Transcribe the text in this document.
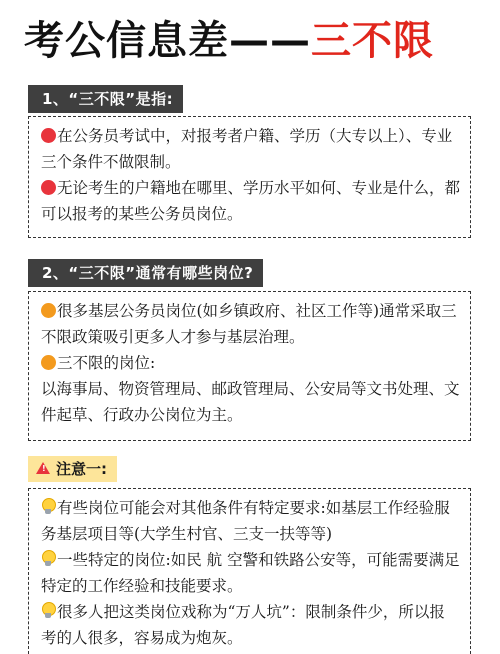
考公信息差——三不限
1、“三不限”是指:
在公务员考试中，对报考者户籍、学历（大专以上）、专业三个条件不做限制。
无论考生的户籍地在哪里、学历水平如何、专业是什么，都可以报考的某些公务员岗位。
2、“三不限”通常有哪些岗位?
很多基层公务员岗位(如乡镇政府、社区工作等)通常采取三不限政策吸引更多人才参与基层治理。
三不限的岗位:
以海事局、物资管理局、邮政管理局、公安局等文书处理、文件起草、行政办公岗位为主。
! 注意一:
有些岗位可能会对其他条件有特定要求:如基层工作经验服务基层项目等(大学生村官、三支一扶等等)
一些特定的岗位:如民 航 空警和铁路公安等，可能需要满足特定的工作经验和技能要求。
很多人把这类岗位戏称为“万人坑”：限制条件少，所以报考的人很多，容易成为炮灰。
